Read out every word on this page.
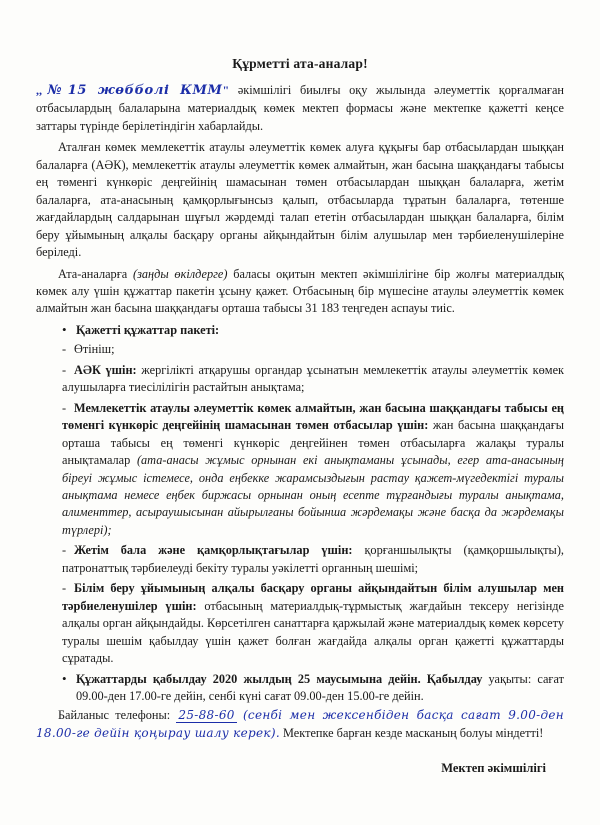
Құрметті ата-аналар!

,,№15 жөбболі КММ" әкімшілігі биылғы оқу жылында әлеуметтік қорғалмаған отбасылардың балаларына материалдық көмек мектеп формасы және мектепке қажетті кеңсе заттары түрінде берілетіндігін хабарлайды.

Аталған көмек мемлекеттік атаулы әлеуметтік көмек алуға құқығы бар отбасылардан шыққан балаларға (АӘК), мемлекеттік атаулы әлеуметтік көмек алмайтын, жан басына шаққандағы табысы ең төменгі күнкөріс деңгейінің шамасынан төмен отбасылардан шыққан балаларға, жетім балаларға, ата-анасының қамқорлығынсыз қалып, отбасыларда тұратын балаларға, төтенше жағдайлардың салдарынан шұғыл жәрдемді талап ететін отбасылардан шыққан балаларға, білім беру ұйымының алқалы басқару органы айқындайтын білім алушылар мен тәрбиеленушілеріне беріледі.

Ата-аналарға (заңды өкілдерге) баласы оқитын мектеп әкімшілігіне бір жолғы материалдық көмек алу үшін құжаттар пакетін ұсыну қажет. Отбасының бір мүшесіне атаулы әлеуметтік көмек алмайтын жан басына шаққандағы орташа табысы 31 183 теңгеден аспауы тиіс.

• Қажетті құжаттар пакеті:

- Өтініш;

- АӘК үшін: жергілікті атқарушы органдар ұсынатын мемлекеттік атаулы әлеуметтік көмек алушыларға тиесілілігін растайтын анықтама;

- Мемлекеттік атаулы әлеуметтік көмек алмайтын, жан басына шаққандағы табысы ең төменгі күнкөріс деңгейінің шамасынан төмен отбасылар үшін: жан басына шаққандағы орташа табысы ең төменгі күнкөріс деңгейінен төмен отбасыларға жалақы туралы анықтамалар (ата-анасы жұмыс орнынан екі анықтаманы ұсынады, егер ата-анасының біреуі жұмыс істемесе, онда еңбекке жарамсыздығын растау қажет-мүгедектігі туралы анықтама немесе еңбек биржасы орнынан оның есепте тұрғандығы туралы анықтама, алименттер, асыраушысынан айырылғаны бойынша жәрдемақы және басқа да жәрдемақы түрлері);

- Жетім бала және қамқорлықтағылар үшін: қорғаншылықты (қамқоршылықты), патронаттық тәрбиелеуді бекіту туралы уәкілетті органның шешімі;

- Білім беру ұйымының алқалы басқару органы айқындайтын білім алушылар мен тәрбиеленушілер үшін: отбасының материалдық-тұрмыстық жағдайын тексеру негізінде алқалы орган айқындайды. Көрсетілген санаттарға қаржылай және материалдық көмек көрсету туралы шешім қабылдау үшін қажет болған жағдайда алқалы орган қажетті құжаттарды сұратады.

• Құжаттарды қабылдау 2020 жылдың 25 маусымына дейін. Қабылдау уақыты: сағат 09.00-ден 17.00-ге дейін, сенбі күні сағат 09.00-ден 15.00-ге дейін.

Байланыс телефоны: 25-88-60 (сенбі мен жексенбіден басқа сағат 9.00-ден 18.00-ге дейін қоңырау шалу керек). Мектепке барған кезде масканың болуы міндетті!

Мектеп әкімшілігі
